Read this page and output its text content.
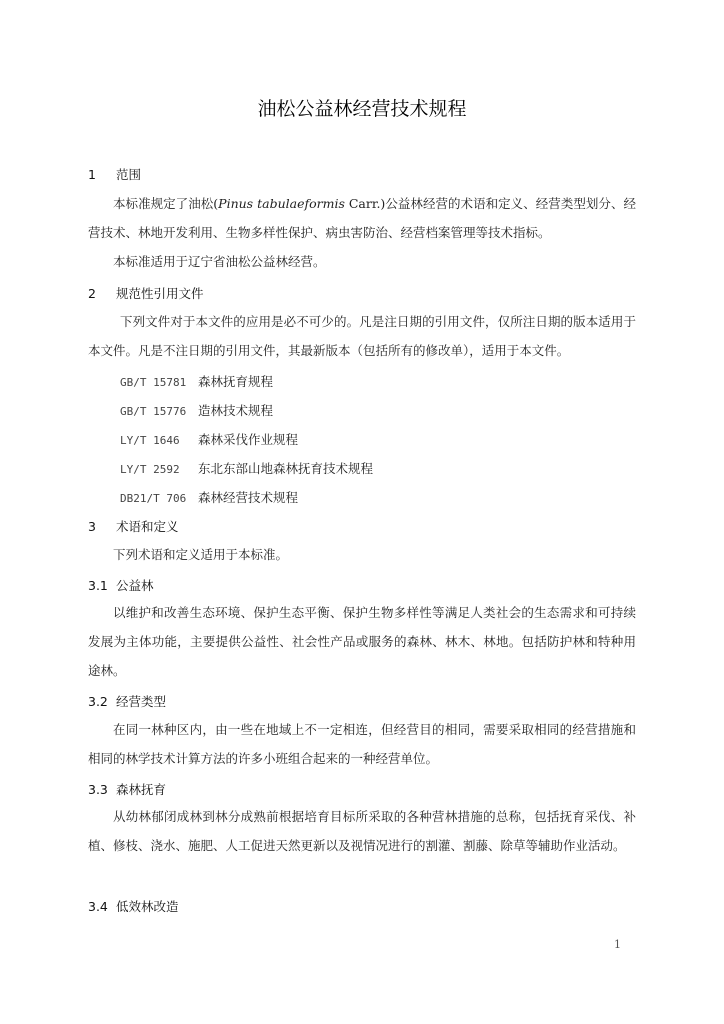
油松公益林经营技术规程
1 范围

本标准规定了油松(Pinus tabulaeformis Carr.)公益林经营的术语和定义、经营类型划分、经营技术、林地开发利用、生物多样性保护、病虫害防治、经营档案管理等技术指标。

本标准适用于辽宁省油松公益林经营。

2 规范性引用文件

下列文件对于本文件的应用是必不可少的。凡是注日期的引用文件，仅所注日期的版本适用于本文件。凡是不注日期的引用文件，其最新版本（包括所有的修改单），适用于本文件。

GB/T 15781 森林抚育规程
GB/T 15776 造林技术规程
LY/T 1646 森林采伐作业规程
LY/T 2592 东北东部山地森林抚育技术规程
DB21/T 706 森林经营技术规程
3 术语和定义

下列术语和定义适用于本标准。

3.1 公益林

以维护和改善生态环境、保护生态平衡、保护生物多样性等满足人类社会的生态需求和可持续发展为主体功能，主要提供公益性、社会性产品或服务的森林、林木、林地。包括防护林和特种用途林。

3.2 经营类型

在同一林种区内，由一些在地域上不一定相连，但经营目的相同，需要采取相同的经营措施和相同的林学技术计算方法的许多小班组合起来的一种经营单位。

3.3 森林抚育

从幼林郁闭成林到林分成熟前根据培育目标所采取的各种营林措施的总称，包括抚育采伐、补植、修枝、浇水、施肥、人工促进天然更新以及视情况进行的割灌、割藤、除草等辅助作业活动。

3.4 低效林改造
1
